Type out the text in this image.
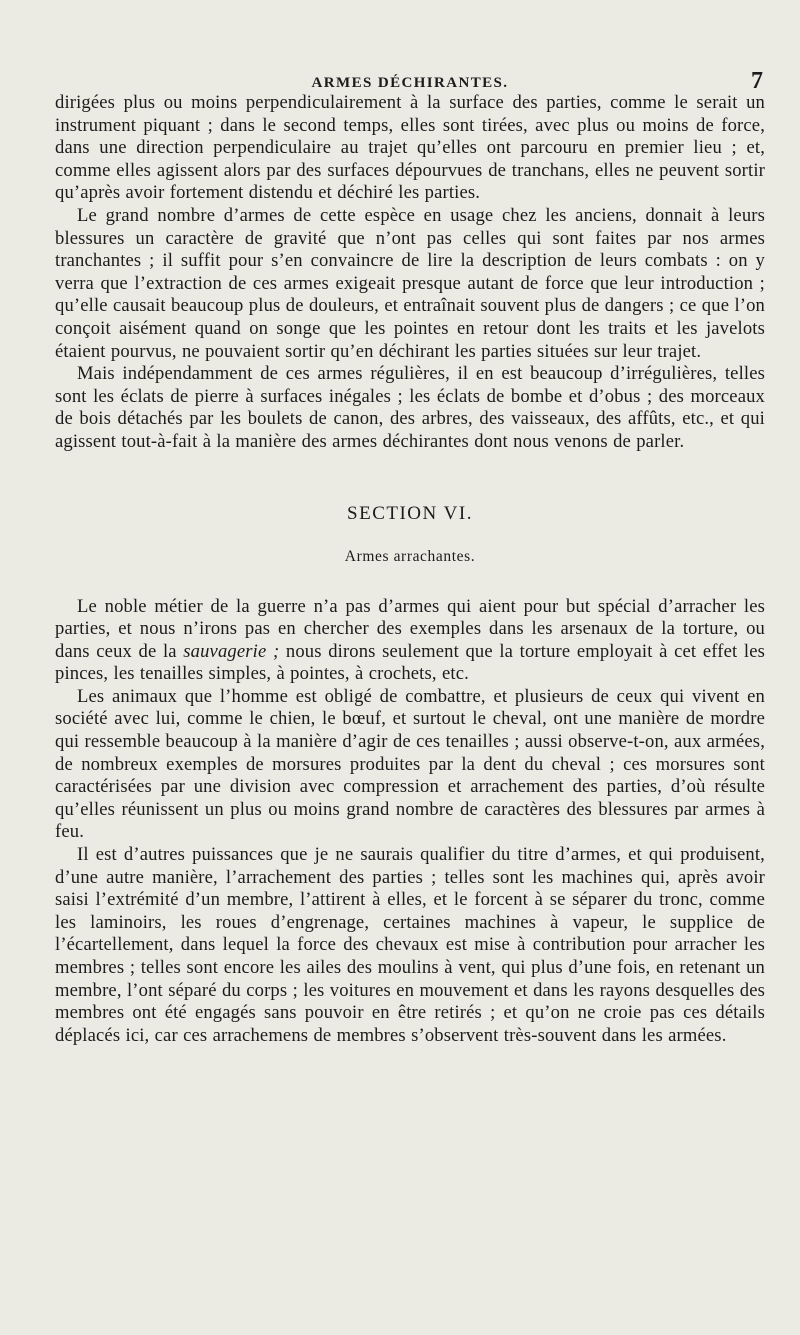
ARMES DÉCHIRANTES.	7

dirigées plus ou moins perpendiculairement à la surface des parties, comme le serait un instrument piquant ; dans le second temps, elles sont tirées, avec plus ou moins de force, dans une direction perpendiculaire au trajet qu’elles ont parcouru en premier lieu ; et, comme elles agissent alors par des surfaces dépourvues de tranchans, elles ne peuvent sortir qu’après avoir fortement distendu et déchiré les parties.

Le grand nombre d’armes de cette espèce en usage chez les anciens, donnait à leurs blessures un caractère de gravité que n’ont pas celles qui sont faites par nos armes tranchantes ; il suffit pour s’en convaincre de lire la description de leurs combats : on y verra que l’extraction de ces armes exigeait presque autant de force que leur introduction ; qu’elle causait beaucoup plus de douleurs, et entraînait souvent plus de dangers ; ce que l’on conçoit aisément quand on songe que les pointes en retour dont les traits et les javelots étaient pourvus, ne pouvaient sortir qu’en déchirant les parties situées sur leur trajet.

Mais indépendamment de ces armes régulières, il en est beaucoup d’irrégulières, telles sont les éclats de pierre à surfaces inégales ; les éclats de bombe et d’obus ; des morceaux de bois détachés par les boulets de canon, des arbres, des vaisseaux, des affûts, etc., et qui agissent tout-à-fait à la manière des armes déchirantes dont nous venons de parler.

SECTION VI.
Armes arrachantes.

Le noble métier de la guerre n’a pas d’armes qui aient pour but spécial d’arracher les parties, et nous n’irons pas en chercher des exemples dans les arsenaux de la torture, ou dans ceux de la sauvagerie ; nous dirons seulement que la torture employait à cet effet les pinces, les tenailles simples, à pointes, à crochets, etc.

Les animaux que l’homme est obligé de combattre, et plusieurs de ceux qui vivent en société avec lui, comme le chien, le bœuf, et surtout le cheval, ont une manière de mordre qui ressemble beaucoup à la manière d’agir de ces tenailles ; aussi observe-t-on, aux armées, de nombreux exemples de morsures produites par la dent du cheval ; ces morsures sont caractérisées par une division avec compression et arrachement des parties, d’où résulte qu’elles réunissent un plus ou moins grand nombre de caractères des blessures par armes à feu.

Il est d’autres puissances que je ne saurais qualifier du titre d’armes, et qui produisent, d’une autre manière, l’arrachement des parties ; telles sont les machines qui, après avoir saisi l’extrémité d’un membre, l’attirent à elles, et le forcent à se séparer du tronc, comme les laminoirs, les roues d’engrenage, certaines machines à vapeur, le supplice de l’écartellement, dans lequel la force des chevaux est mise à contribution pour arracher les membres ; telles sont encore les ailes des moulins à vent, qui plus d’une fois, en retenant un membre, l’ont séparé du corps ; les voitures en mouvement et dans les rayons desquelles des membres ont été engagés sans pouvoir en être retirés ; et qu’on ne croie pas ces détails déplacés ici, car ces arrachemens de membres s’observent très-souvent dans les armées.
